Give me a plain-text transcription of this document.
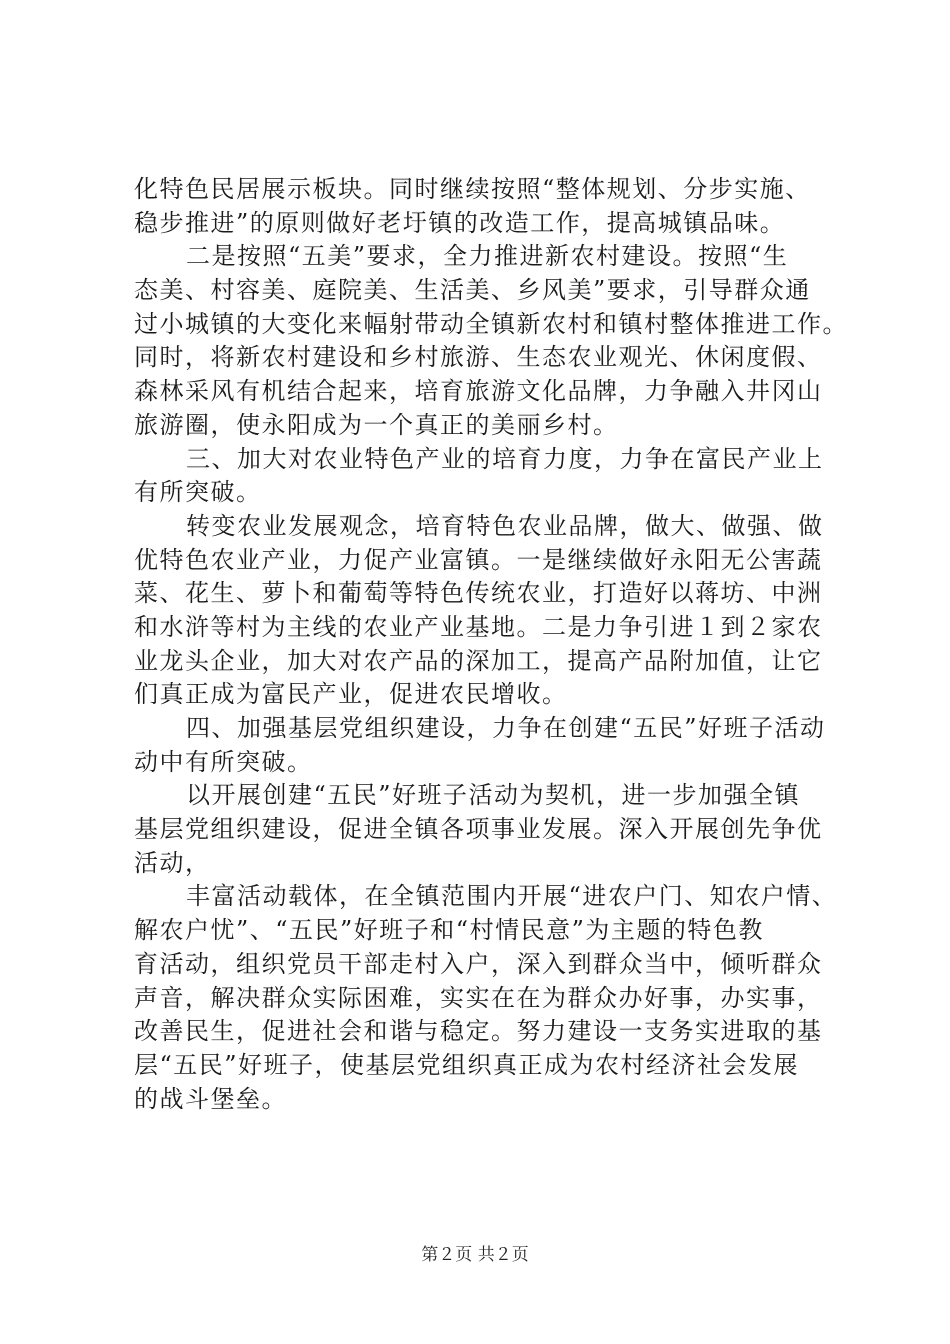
化特色民居展示板块。同时继续按照“整体规划、分步实施、
稳步推进”的原则做好老圩镇的改造工作，提高城镇品味。
二是按照“五美”要求，全力推进新农村建设。按照“生
态美、村容美、庭院美、生活美、乡风美”要求，引导群众通
过小城镇的大变化来幅射带动全镇新农村和镇村整体推进工作。
同时，将新农村建设和乡村旅游、生态农业观光、休闲度假、
森林采风有机结合起来，培育旅游文化品牌，力争融入井冈山
旅游圈，使永阳成为一个真正的美丽乡村。
三、加大对农业特色产业的培育力度，力争在富民产业上
有所突破。
转变农业发展观念，培育特色农业品牌，做大、做强、做
优特色农业产业，力促产业富镇。一是继续做好永阳无公害蔬
菜、花生、萝卜和葡萄等特色传统农业，打造好以蒋坊、中洲
和水浒等村为主线的农业产业基地。二是力争引进１到２家农
业龙头企业，加大对农产品的深加工，提高产品附加值，让它
们真正成为富民产业，促进农民增收。
四、加强基层党组织建设，力争在创建“五民”好班子活动
动中有所突破。
以开展创建“五民”好班子活动为契机，进一步加强全镇
基层党组织建设，促进全镇各项事业发展。深入开展创先争优
活动，
丰富活动载体，在全镇范围内开展“进农户门、知农户情、
解农户忧”、“五民”好班子和“村情民意”为主题的特色教
育活动，组织党员干部走村入户，深入到群众当中，倾听群众
声音，解决群众实际困难，实实在在为群众办好事，办实事，
改善民生，促进社会和谐与稳定。努力建设一支务实进取的基
层“五民”好班子，使基层党组织真正成为农村经济社会发展
的战斗堡垒。
第２页 共２页
